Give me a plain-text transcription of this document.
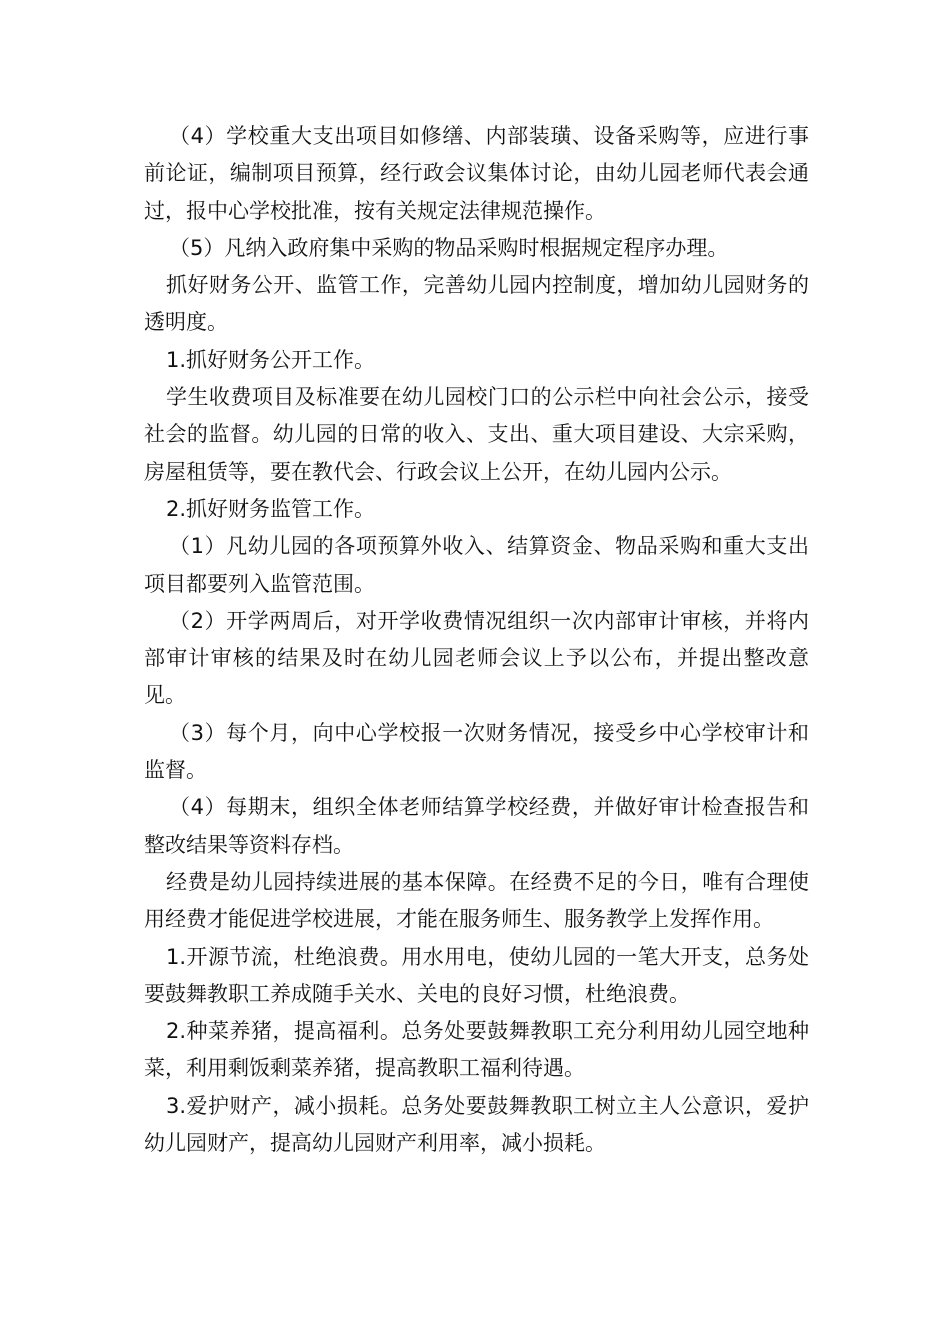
（4）学校重大支出项目如修缮、内部装璜、设备采购等，应进行事前论证，编制项目预算，经行政会议集体讨论，由幼儿园老师代表会通过，报中心学校批准，按有关规定法律规范操作。

（5）凡纳入政府集中采购的物品采购时根据规定程序办理。

抓好财务公开、监管工作，完善幼儿园内控制度，增加幼儿园财务的透明度。

1.抓好财务公开工作。

学生收费项目及标准要在幼儿园校门口的公示栏中向社会公示，接受社会的监督。幼儿园的日常的收入、支出、重大项目建设、大宗采购，房屋租赁等，要在教代会、行政会议上公开，在幼儿园内公示。

2.抓好财务监管工作。

（1）凡幼儿园的各项预算外收入、结算资金、物品采购和重大支出项目都要列入监管范围。

（2）开学两周后，对开学收费情况组织一次内部审计审核，并将内部审计审核的结果及时在幼儿园老师会议上予以公布，并提出整改意见。

（3）每个月，向中心学校报一次财务情况，接受乡中心学校审计和监督。

（4）每期末，组织全体老师结算学校经费，并做好审计检查报告和整改结果等资料存档。

经费是幼儿园持续进展的基本保障。在经费不足的今日，唯有合理使用经费才能促进学校进展，才能在服务师生、服务教学上发挥作用。

1.开源节流，杜绝浪费。用水用电，使幼儿园的一笔大开支，总务处要鼓舞教职工养成随手关水、关电的良好习惯，杜绝浪费。

2.种菜养猪，提高福利。总务处要鼓舞教职工充分利用幼儿园空地种菜，利用剩饭剩菜养猪，提高教职工福利待遇。

3.爱护财产，减小损耗。总务处要鼓舞教职工树立主人公意识，爱护幼儿园财产，提高幼儿园财产利用率，减小损耗。
